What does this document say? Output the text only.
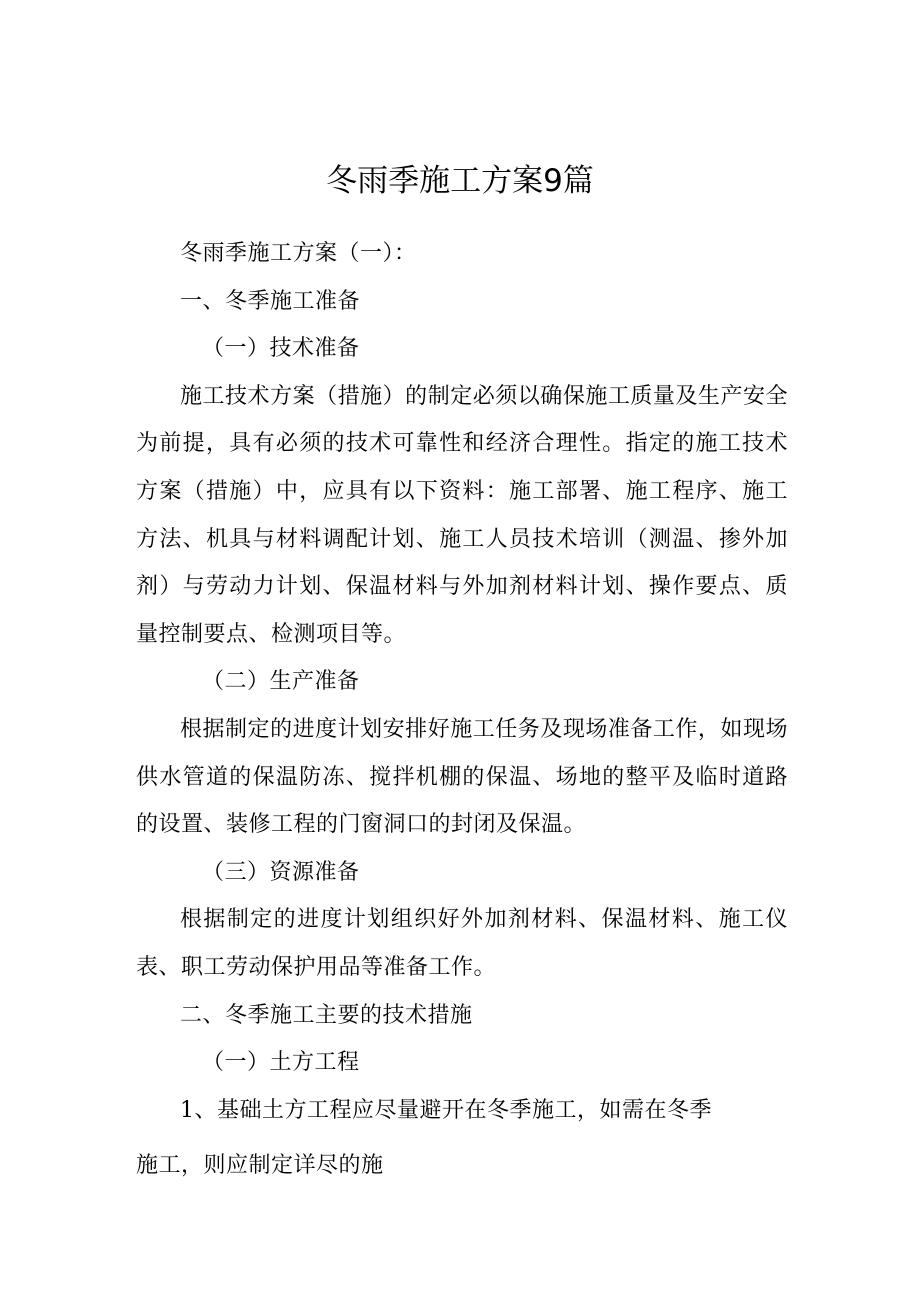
冬雨季施工方案9篇

冬雨季施工方案（一）：

一、冬季施工准备

（一）技术准备

施工技术方案（措施）的制定必须以确保施工质量及生产安全为前提，具有必须的技术可靠性和经济合理性。指定的施工技术方案（措施）中，应具有以下资料：施工部署、施工程序、施工方法、机具与材料调配计划、施工人员技术培训（测温、掺外加剂）与劳动力计划、保温材料与外加剂材料计划、操作要点、质量控制要点、检测项目等。

（二）生产准备

根据制定的进度计划安排好施工任务及现场准备工作，如现场供水管道的保温防冻、搅拌机棚的保温、场地的整平及临时道路的设置、装修工程的门窗洞口的封闭及保温。

（三）资源准备

根据制定的进度计划组织好外加剂材料、保温材料、施工仪表、职工劳动保护用品等准备工作。

二、冬季施工主要的技术措施

（一）土方工程

1、基础土方工程应尽量避开在冬季施工，如需在冬季

施工，则应制定详尽的施
